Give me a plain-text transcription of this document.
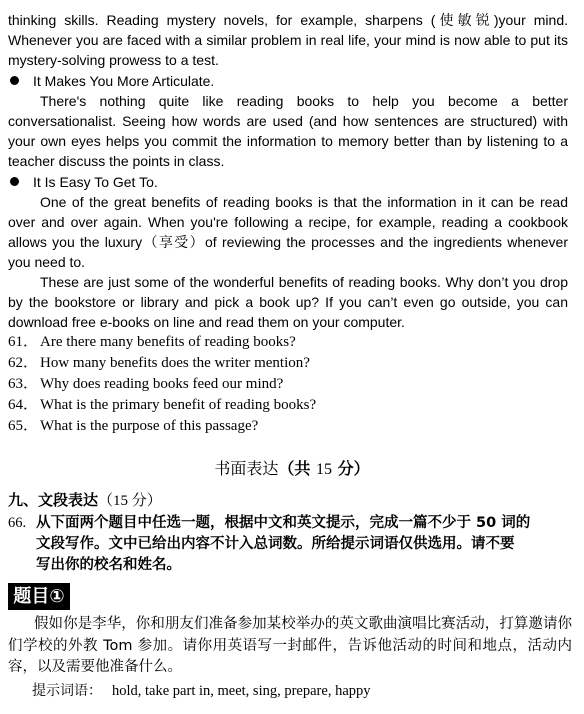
thinking skills. Reading mystery novels, for example, sharpens (使敏锐)your mind. Whenever you are faced with a similar problem in real life, your mind is now able to put its mystery-solving prowess to a test.

It Makes You More Articulate.

There's nothing quite like reading books to help you become a better conversationalist. Seeing how words are used (and how sentences are structured) with your own eyes helps you commit the information to memory better than by listening to a teacher discuss the points in class.

It Is Easy To Get To.

One of the great benefits of reading books is that the information in it can be read over and over again. When you're following a recipe, for example, reading a cookbook allows you the luxury（享受）of reviewing the processes and the ingredients whenever you need to.

These are just some of the wonderful benefits of reading books. Why don’t you drop by the bookstore or library and pick a book up? If you can’t even go outside, you can download free e-books on line and read them on your computer.

61． Are there many benefits of reading books?
62． How many benefits does the writer mention?
63． Why does reading books feed our mind?
64． What is the primary benefit of reading books?
65． What is the purpose of this passage?
书面表达（共 15 分）
九、文段表达（15 分）
66. 从下面两个题目中任选一题，根据中文和英文提示，完成一篇不少于 50 词的
文段写作。文中已给出内容不计入总词数。所给提示词语仅供选用。请不要
写出你的校名和姓名。
题目①

假如你是李华，你和朋友们准备参加某校举办的英文歌曲演唱比赛活动，打算邀请你们学校的外教 Tom 参加。请你用英语写一封邮件，告诉他活动的时间和地点，活动内容，以及需要他准备什么。

提示词语： hold, take part in, meet, sing, prepare, happy
